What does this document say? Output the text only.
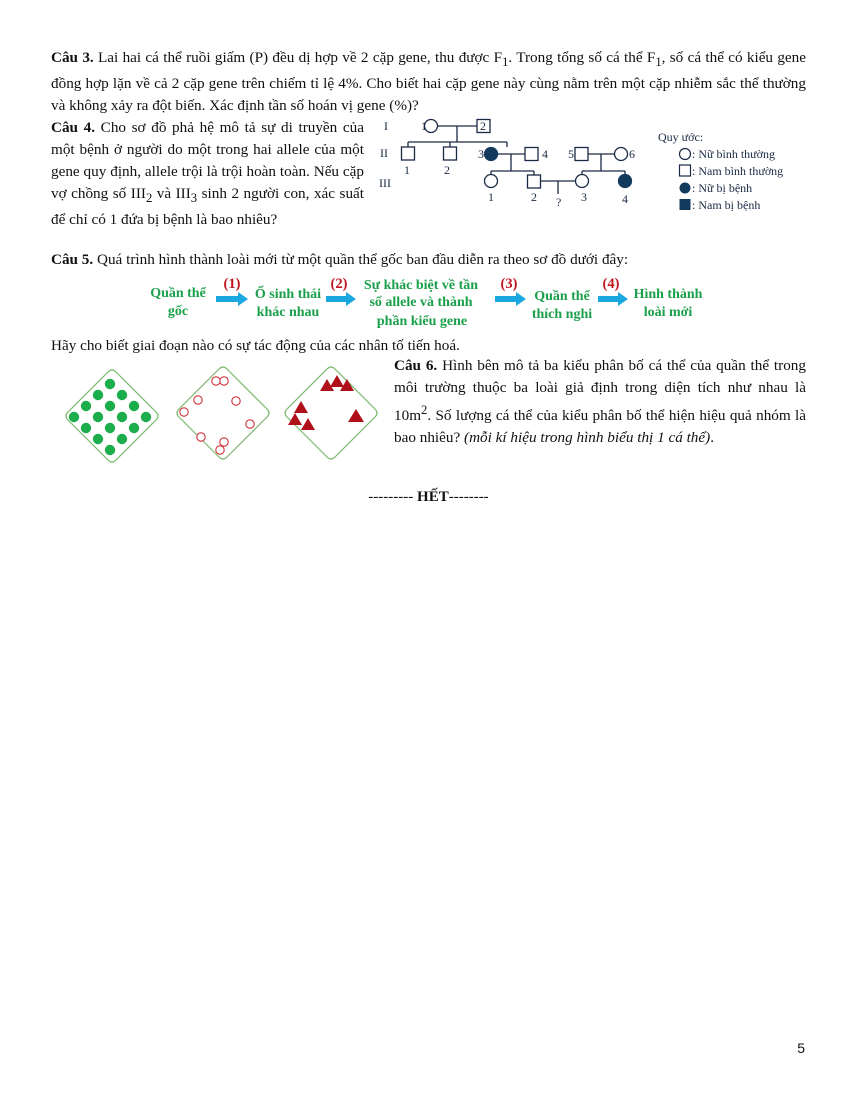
Câu 3. Lai hai cá thể ruồi giấm (P) đều dị hợp về 2 cặp gene, thu được $F_1$. Trong tổng số cá thể $F_1$, số cá thể có kiểu gene đồng hợp lặn về cả 2 cặp gene trên chiếm tỉ lệ 4%. Cho biết hai cặp gene này cùng nằm trên một cặp nhiễm sắc thể thường và không xảy ra đột biến. Xác định tần số hoán vị gene (%)?
Câu 4. Cho sơ đồ phả hệ mô tả sự di truyền của một bệnh ở người do một trong hai allele của một gene quy định, allele trội là trội hoàn toàn. Nếu cặp vợ chồng số $III_2$ và $III_3$ sinh 2 người con, xác suất để chỉ có 1 đứa bị bệnh là bao nhiêu?
I
II
III
1	2
1	2
3	4 5	6
1	2 ? 3	4
Quy ước:
: Nữ bình thường
: Nam bình thường
: Nữ bị bệnh
: Nam bị bệnh
Câu 5. Quá trình hình thành loài mới từ một quần thể gốc ban đầu diễn ra theo sơ đồ dưới đây:
Quần thể
gốc
Ổ sinh thái
khác nhau
Sự khác biệt về tần
số allele và thành
phần kiểu gene
Quần thể
thích nghi
Hình thành
loài mới
(1)	(2)	(3)	(4)
Hãy cho biết giai đoạn nào có sự tác động của các nhân tố tiến hoá.
Câu 6. Hình bên mô tả ba kiểu phân bố cá thể của quần thể trong môi trường thuộc ba loài giả định trong diện tích như nhau là $10m^2$. Số lượng cá thể của kiểu phân bố thể hiện hiệu quả nhóm là bao nhiêu? (mỗi kí hiệu trong hình biểu thị 1 cá thể).
--------- HẾT--------
5
